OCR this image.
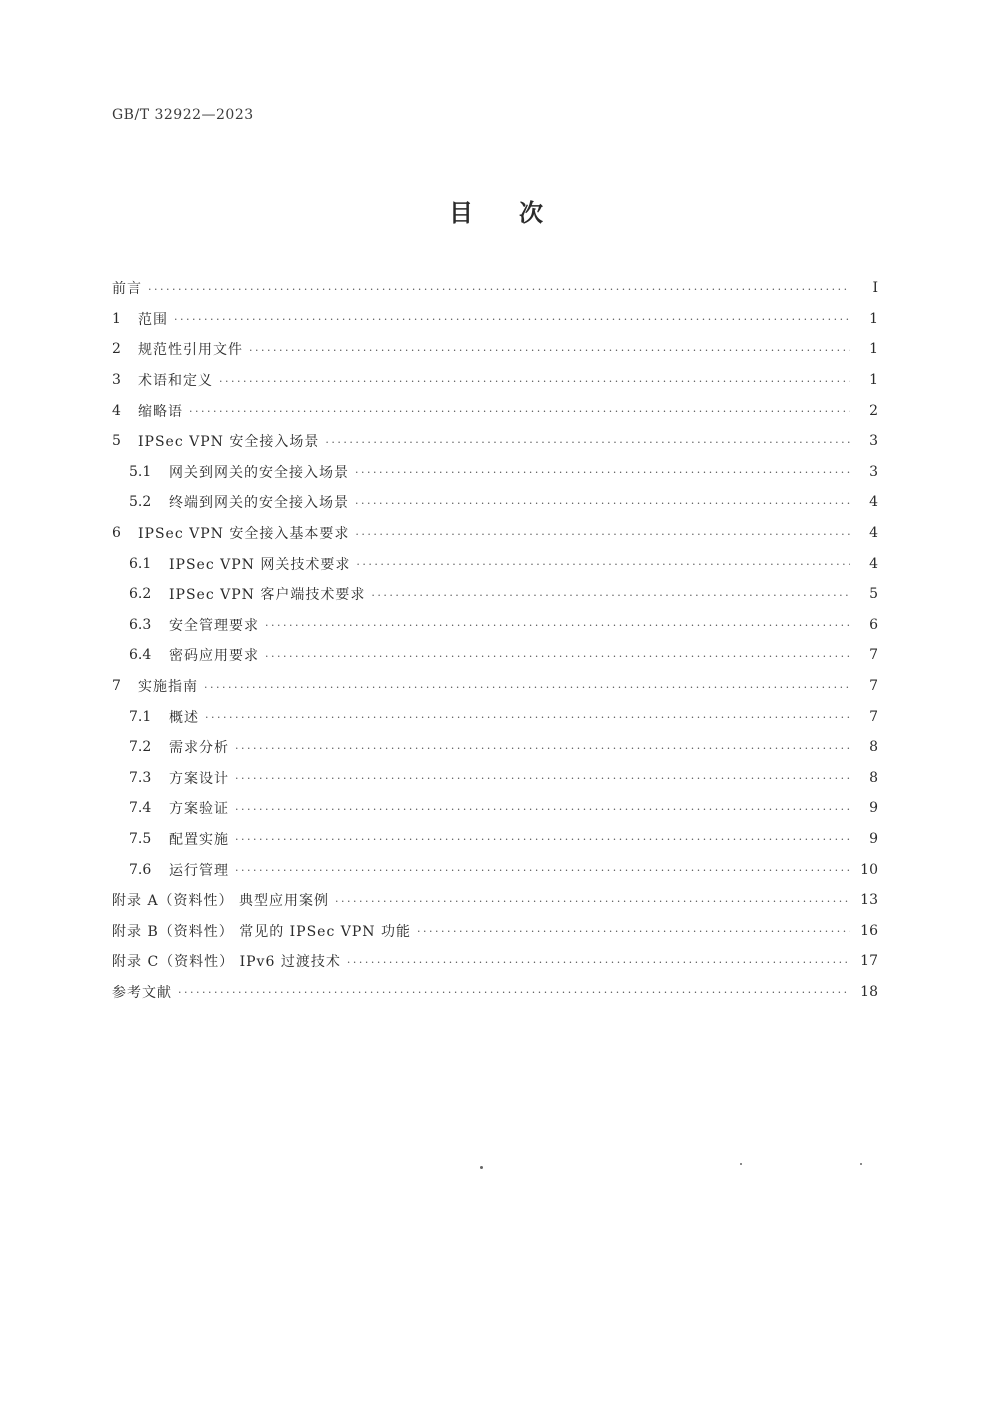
GB/T 32922—2023
目次
前言 ·····	Ⅰ
1	范围 ·····	1
2	规范性引用文件 ·····	1
3	术语和定义 ·····	1
4	缩略语 ·····	2
5	IPSec VPN 安全接入场景 ·····	3
5.1	网关到网关的安全接入场景 ·····	3
5.2	终端到网关的安全接入场景 ·····	4
6	IPSec VPN 安全接入基本要求 ·····	4
6.1	IPSec VPN 网关技术要求 ·····	4
6.2	IPSec VPN 客户端技术要求 ·····	5
6.3	安全管理要求 ·····	6
6.4	密码应用要求 ·····	7
7	实施指南 ·····	7
7.1	概述 ·····	7
7.2	需求分析 ·····	8
7.3	方案设计 ·····	8
7.4	方案验证 ·····	9
7.5	配置实施 ·····	9
7.6	运行管理 ·····	10
附录 A（资料性） 典型应用案例 ·····	13
附录 B（资料性） 常见的 IPSec VPN 功能 ·····	16
附录 C（资料性） IPv6 过渡技术 ·····	17
参考文献 ·····	18
